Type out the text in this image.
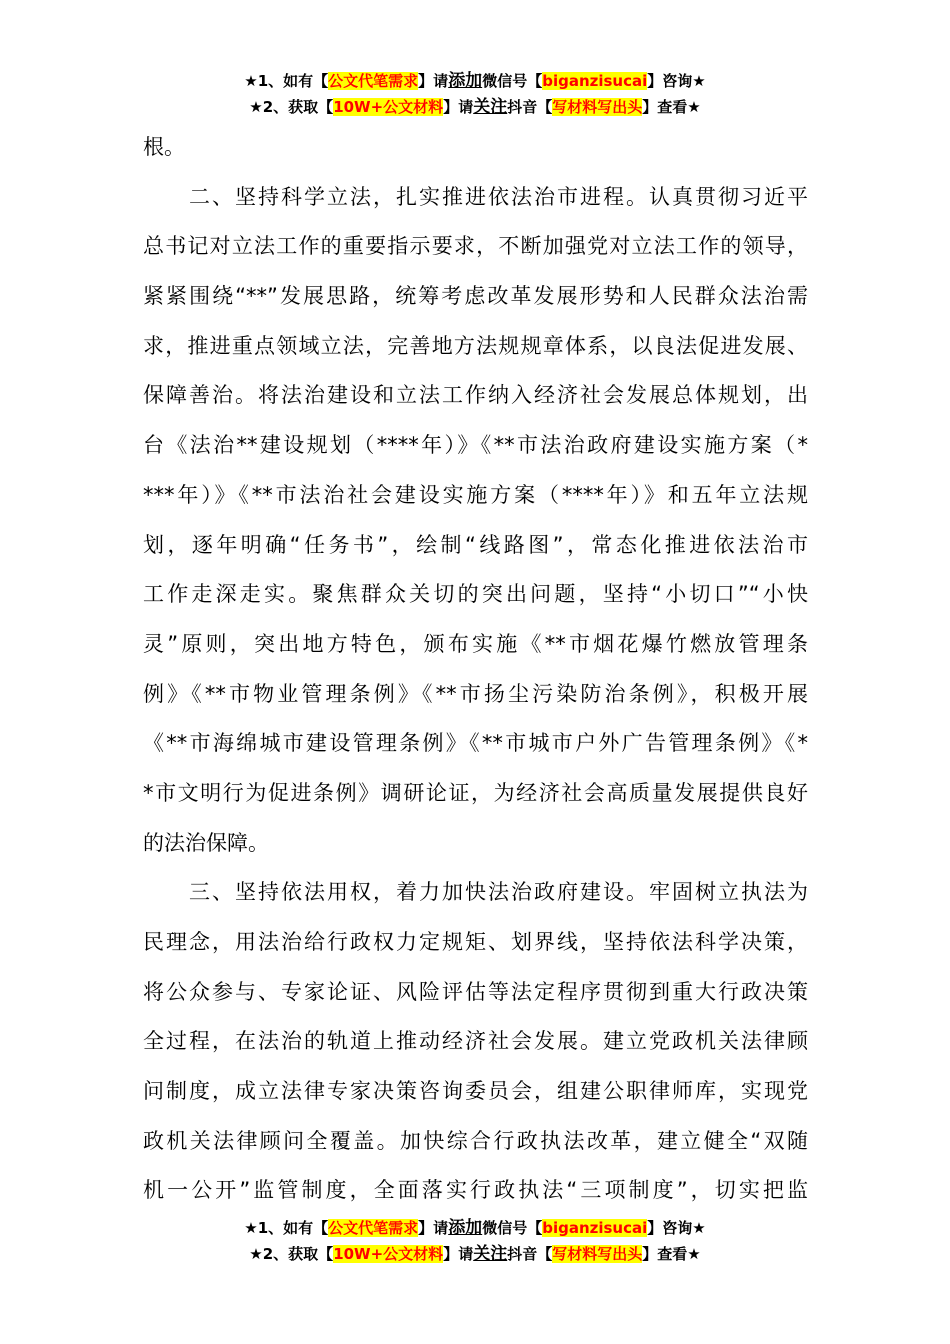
★1、如有【公文代笔需求】请添加微信号【biganzisucai】咨询★
★2、获取【10W+公文材料】请关注抖音【写材料写出头】查看★
根。
　　二、坚持科学立法，扎实推进依法治市进程。认真贯彻习近平
总书记对立法工作的重要指示要求，不断加强党对立法工作的领导，
紧紧围绕“**”发展思路，统筹考虑改革发展形势和人民群众法治需
求，推进重点领域立法，完善地方法规规章体系，以良法促进发展、
保障善治。将法治建设和立法工作纳入经济社会发展总体规划，出
台《法治**建设规划（****年）》《**市法治政府建设实施方案（*
***年）》《**市法治社会建设实施方案（****年）》和五年立法规
划，逐年明确“任务书”，绘制“线路图”，常态化推进依法治市
工作走深走实。聚焦群众关切的突出问题，坚持“小切口”“小快
灵”原则，突出地方特色，颁布实施《**市烟花爆竹燃放管理条
例》《**市物业管理条例》《**市扬尘污染防治条例》，积极开展
《**市海绵城市建设管理条例》《**市城市户外广告管理条例》《*
*市文明行为促进条例》调研论证，为经济社会高质量发展提供良好
的法治保障。
　　三、坚持依法用权，着力加快法治政府建设。牢固树立执法为
民理念，用法治给行政权力定规矩、划界线，坚持依法科学决策，
将公众参与、专家论证、风险评估等法定程序贯彻到重大行政决策
全过程，在法治的轨道上推动经济社会发展。建立党政机关法律顾
问制度，成立法律专家决策咨询委员会，组建公职律师库，实现党
政机关法律顾问全覆盖。加快综合行政执法改革，建立健全“双随
机一公开”监管制度，全面落实行政执法“三项制度”，切实把监
★1、如有【公文代笔需求】请添加微信号【biganzisucai】咨询★
★2、获取【10W+公文材料】请关注抖音【写材料写出头】查看★
